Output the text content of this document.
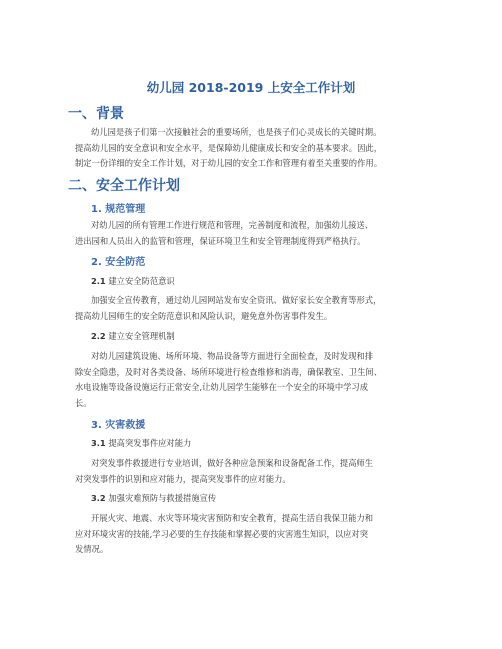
幼儿园 2018-2019 上安全工作计划
一、背景
幼儿园是孩子们第一次接触社会的重要场所，也是孩子们心灵成长的关键时期。
提高幼儿园的安全意识和安全水平，是保障幼儿健康成长和安全的基本要求。因此，
制定一份详细的安全工作计划，对于幼儿园的安全工作和管理有着至关重要的作用。
二、安全工作计划
1. 规范管理
对幼儿园的所有管理工作进行规范和管理，完善制度和流程，加强幼儿接送、
进出园和人员出入的监管和管理，保证环境卫生和安全管理制度得到严格执行。
2. 安全防范
2.1 建立安全防范意识
加强安全宣传教育，通过幼儿园网站发布安全资讯、做好家长安全教育等形式，
提高幼儿园师生的安全防范意识和风险认识，避免意外伤害事件发生。
2.2 建立安全管理机制
对幼儿园建筑设施、场所环境、物品设备等方面进行全面检查，及时发现和排
除安全隐患，及时对各类设备、场所环境进行检查维修和消毒，确保教室、卫生间、
水电设施等设备设施运行正常安全,让幼儿园学生能够在一个安全的环境中学习成
长。
3. 灾害救援
3.1 提高突发事件应对能力
对突发事件救援进行专业培训，做好各种应急预案和设备配备工作，提高师生
对突发事件的识别和应对能力，提高突发事件的应对能力。
3.2 加强灾难预防与救援措施宣传
开展火灾、地震、水灾等环境灾害预防和安全教育，提高生活自我保卫能力和
应对环境灾害的技能,学习必要的生存技能和掌握必要的灾害逃生知识，以应对突
发情况。
